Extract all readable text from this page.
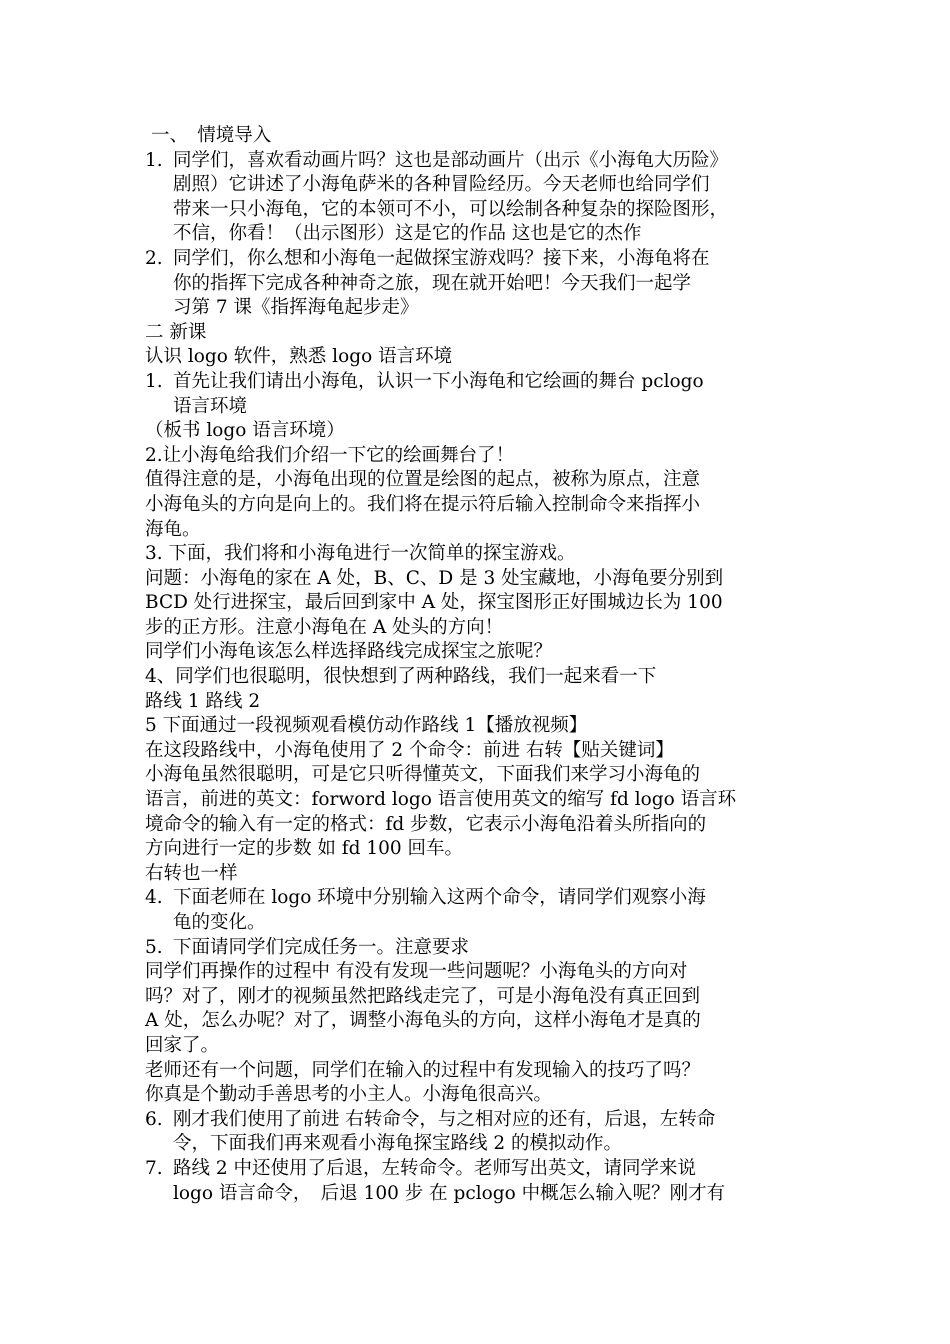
一、　情境导入

1. 同学们，喜欢看动画片吗？这也是部动画片（出示《小海龟大历险》
剧照）它讲述了小海龟萨米的各种冒险经历。今天老师也给同学们
带来一只小海龟，它的本领可不小，可以绘制各种复杂的探险图形，
不信，你看！（出示图形）这是它的作品 这也是它的杰作
2. 同学们，你么想和小海龟一起做探宝游戏吗？接下来，小海龟将在
你的指挥下完成各种神奇之旅，现在就开始吧！今天我们一起学
习第 7 课《指挥海龟起步走》

二 新课

认识 logo 软件，熟悉 logo 语言环境

1. 首先让我们请出小海龟，认识一下小海龟和它绘画的舞台 pclogo
语言环境

（板书 logo 语言环境）

2.让小海龟给我们介绍一下它的绘画舞台了！

值得注意的是，小海龟出现的位置是绘图的起点，被称为原点，注意

小海龟头的方向是向上的。我们将在提示符后输入控制命令来指挥小

海龟。

3. 下面，我们将和小海龟进行一次简单的探宝游戏。

问题：小海龟的家在 A 处，B、C、D 是 3 处宝藏地，小海龟要分别到

BCD 处行进探宝，最后回到家中 A 处，探宝图形正好围城边长为 100

步的正方形。注意小海龟在 A 处头的方向！

同学们小海龟该怎么样选择路线完成探宝之旅呢？

4、同学们也很聪明，很快想到了两种路线，我们一起来看一下

路线 1 路线 2

5 下面通过一段视频观看模仿动作路线 1【播放视频】

在这段路线中，小海龟使用了 2 个命令：前进 右转【贴关键词】

小海龟虽然很聪明，可是它只听得懂英文，下面我们来学习小海龟的

语言，前进的英文：forword logo 语言使用英文的缩写 fd logo 语言环

境命令的输入有一定的格式：fd 步数，它表示小海龟沿着头所指向的

方向进行一定的步数 如 fd 100 回车。

右转也一样

4. 下面老师在 logo 环境中分别输入这两个命令，请同学们观察小海
龟的变化。
5. 下面请同学们完成任务一。注意要求

同学们再操作的过程中 有没有发现一些问题呢？小海龟头的方向对

吗？对了，刚才的视频虽然把路线走完了，可是小海龟没有真正回到

A 处，怎么办呢？对了，调整小海龟头的方向，这样小海龟才是真的

回家了。

老师还有一个问题，同学们在输入的过程中有发现输入的技巧了吗？

你真是个勤动手善思考的小主人。小海龟很高兴。

6. 刚才我们使用了前进 右转命令，与之相对应的还有，后退，左转命
令，下面我们再来观看小海龟探宝路线 2 的模拟动作。
7. 路线 2 中还使用了后退，左转命令。老师写出英文，请同学来说
logo 语言命令，　后退 100 步 在 pclogo 中概怎么输入呢？刚才有
